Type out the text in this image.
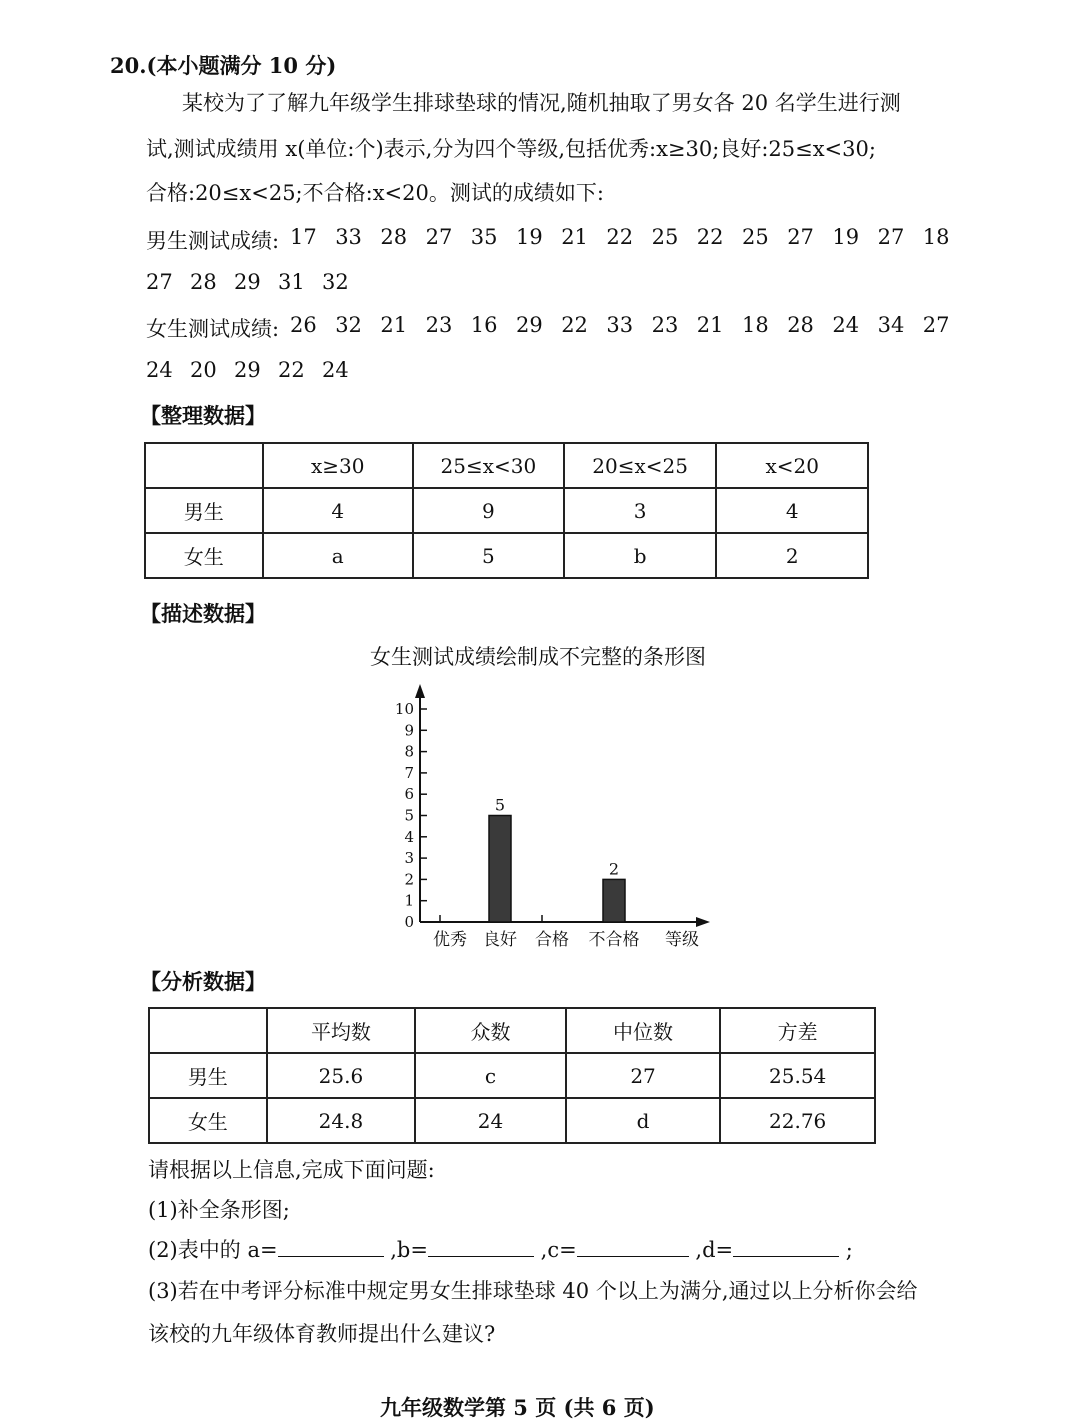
20.(本小题满分 10 分)
某校为了了解九年级学生排球垫球的情况,随机抽取了男女各 20 名学生进行测
试,测试成绩用 x(单位:个)表示,分为四个等级,包括优秀:x≥30;良好:25≤x<30;
合格:20≤x<25;不合格:x<20。测试的成绩如下:
男生测试成绩: 17 33 28 27 35 19 21 22 25 22 25 27 19 27 18
27 28 29 31 32
女生测试成绩: 26 32 21 23 16 29 22 33 23 21 18 28 24 34 27
24 20 29 22 24
【整理数据】
	x≥30	25≤x<30	20≤x<25	x<20
男生	4	9	3	4
女生	a	5	b	2
【描述数据】
女生测试成绩绘制成不完整的条形图
0
1
2
3
4
5
6
7
8
9
10
优秀 良好
5
合格 不合格
2
等级
【分析数据】
	平均数	众数	中位数	方差
男生	25.6	c	27	25.54
女生	24.8	24	d	22.76
请根据以上信息,完成下面问题:
(1)补全条形图;
(2)表中的 a=	,b=	,c=	,d=	;
(3)若在中考评分标准中规定男女生排球垫球 40 个以上为满分,通过以上分析你会给
该校的九年级体育教师提出什么建议?
九年级数学第 5 页 (共 6 页)
